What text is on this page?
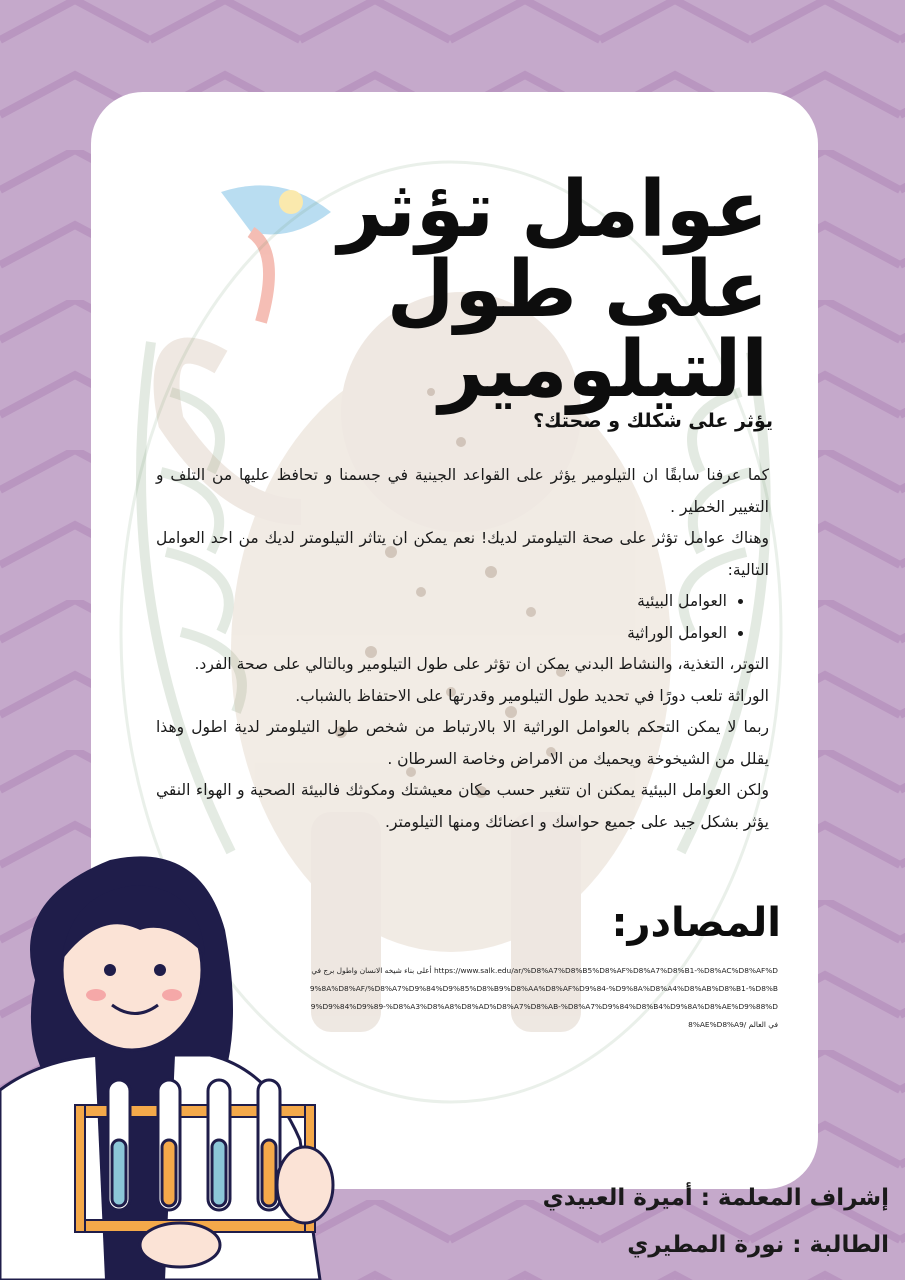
عوامل تؤثر على طول التيلومير
يؤثر على شكلك و صحتك؟

كما عرفنا سابقًا ان التيلومير يؤثر على القواعد الجينية في جسمنا و تحافظ عليها من التلف و التغيير الخطير .

وهناك عوامل تؤثر على صحة التيلومتر لديك! نعم يمكن ان يتاثر التيلومتر لديك من احد العوامل التالية:

• العوامل البيئية
• العوامل الوراثية

التوتر، التغذية، والنشاط البدني يمكن ان تؤثر على طول التيلومير وبالتالي على صحة الفرد.

الوراثة تلعب دورًا في تحديد طول التيلومير وقدرتها على الاحتفاظ بالشباب.

ربما لا يمكن التحكم بالعوامل الوراثية الا بالارتباط من شخص طول التيلومتر لدية اطول وهذا يقلل من الشيخوخة ويحميك من الامراض وخاصة السرطان .

ولكن العوامل البيئية يمكنن ان تتغير حسب مكان معيشتك ومكوثك فالبيئة الصحية و الهواء النقي يؤثر بشكل جيد على جميع حواسك و اعضائك ومنها التيلومتر.

المصادر:
أعلى بناء شيخه الانسان واطول برج في https://www.salk.edu/ar/%D8%A7%D8%B5%D8%AF%D8%A7%D8%B1-%D8%AC%D8%AF%D9%8A%D8%AF/%D8%A7%D9%84%D9%85%D8%B9%D8%AA%D8%AF%D9%84-%D9%8A%D8%A4%D8%AB%D8%B1-%D8%B9%D9%84%D9%89-%D8%A3%D8%A8%D8%AD%D8%A7%D8%AB-%D8%A7%D9%84%D8%B4%D9%8A%D8%AE%D9%88%D8%AE%D8%A9/ في العالم
إشراف المعلمة : أميرة العبيدي
الطالبة : نورة المطيري
